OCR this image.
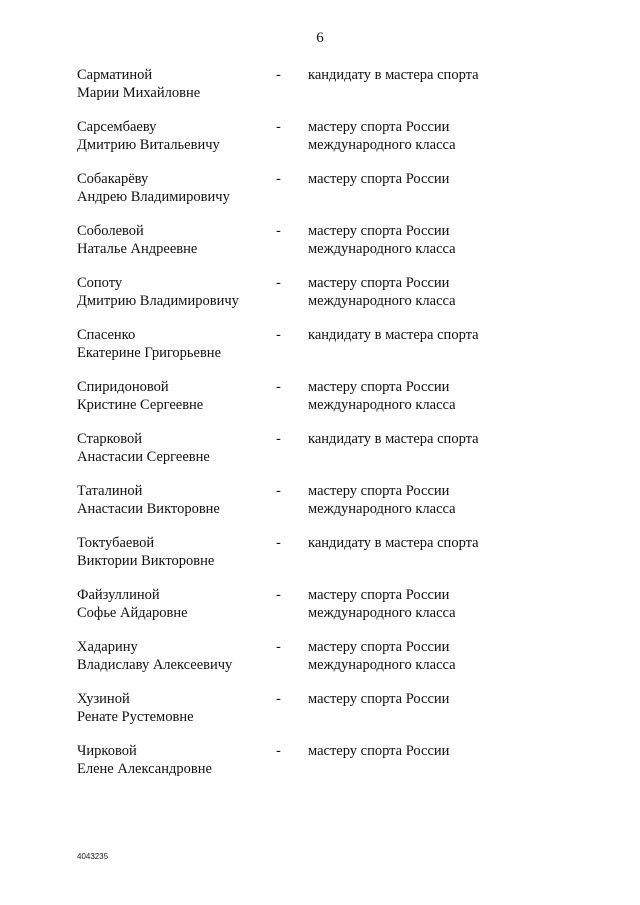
6
Сарматиной
Марии Михайловне
- кандидату в мастера спорта
Сарсембаеву
Дмитрию Витальевичу
- мастеру спорта России
международного класса
Собакарёву
Андрею Владимировичу
- мастеру спорта России
Соболевой
Наталье Андреевне
- мастеру спорта России
международного класса
Сопоту
Дмитрию Владимировичу
- мастеру спорта России
международного класса
Спасенко
Екатерине Григорьевне
- кандидату в мастера спорта
Спиридоновой
Кристине Сергеевне
- мастеру спорта России
международного класса
Старковой
Анастасии Сергеевне
- кандидату в мастера спорта
Таталиной
Анастасии Викторовне
- мастеру спорта России
международного класса
Токтубаевой
Виктории Викторовне
- кандидату в мастера спорта
Файзуллиной
Софье Айдаровне
- мастеру спорта России
международного класса
Хадарину
Владиславу Алексеевичу
- мастеру спорта России
международного класса
Хузиной
Ренате Рустемовне
- мастеру спорта России
Чирковой
Елене Александровне
- мастеру спорта России
4043235
